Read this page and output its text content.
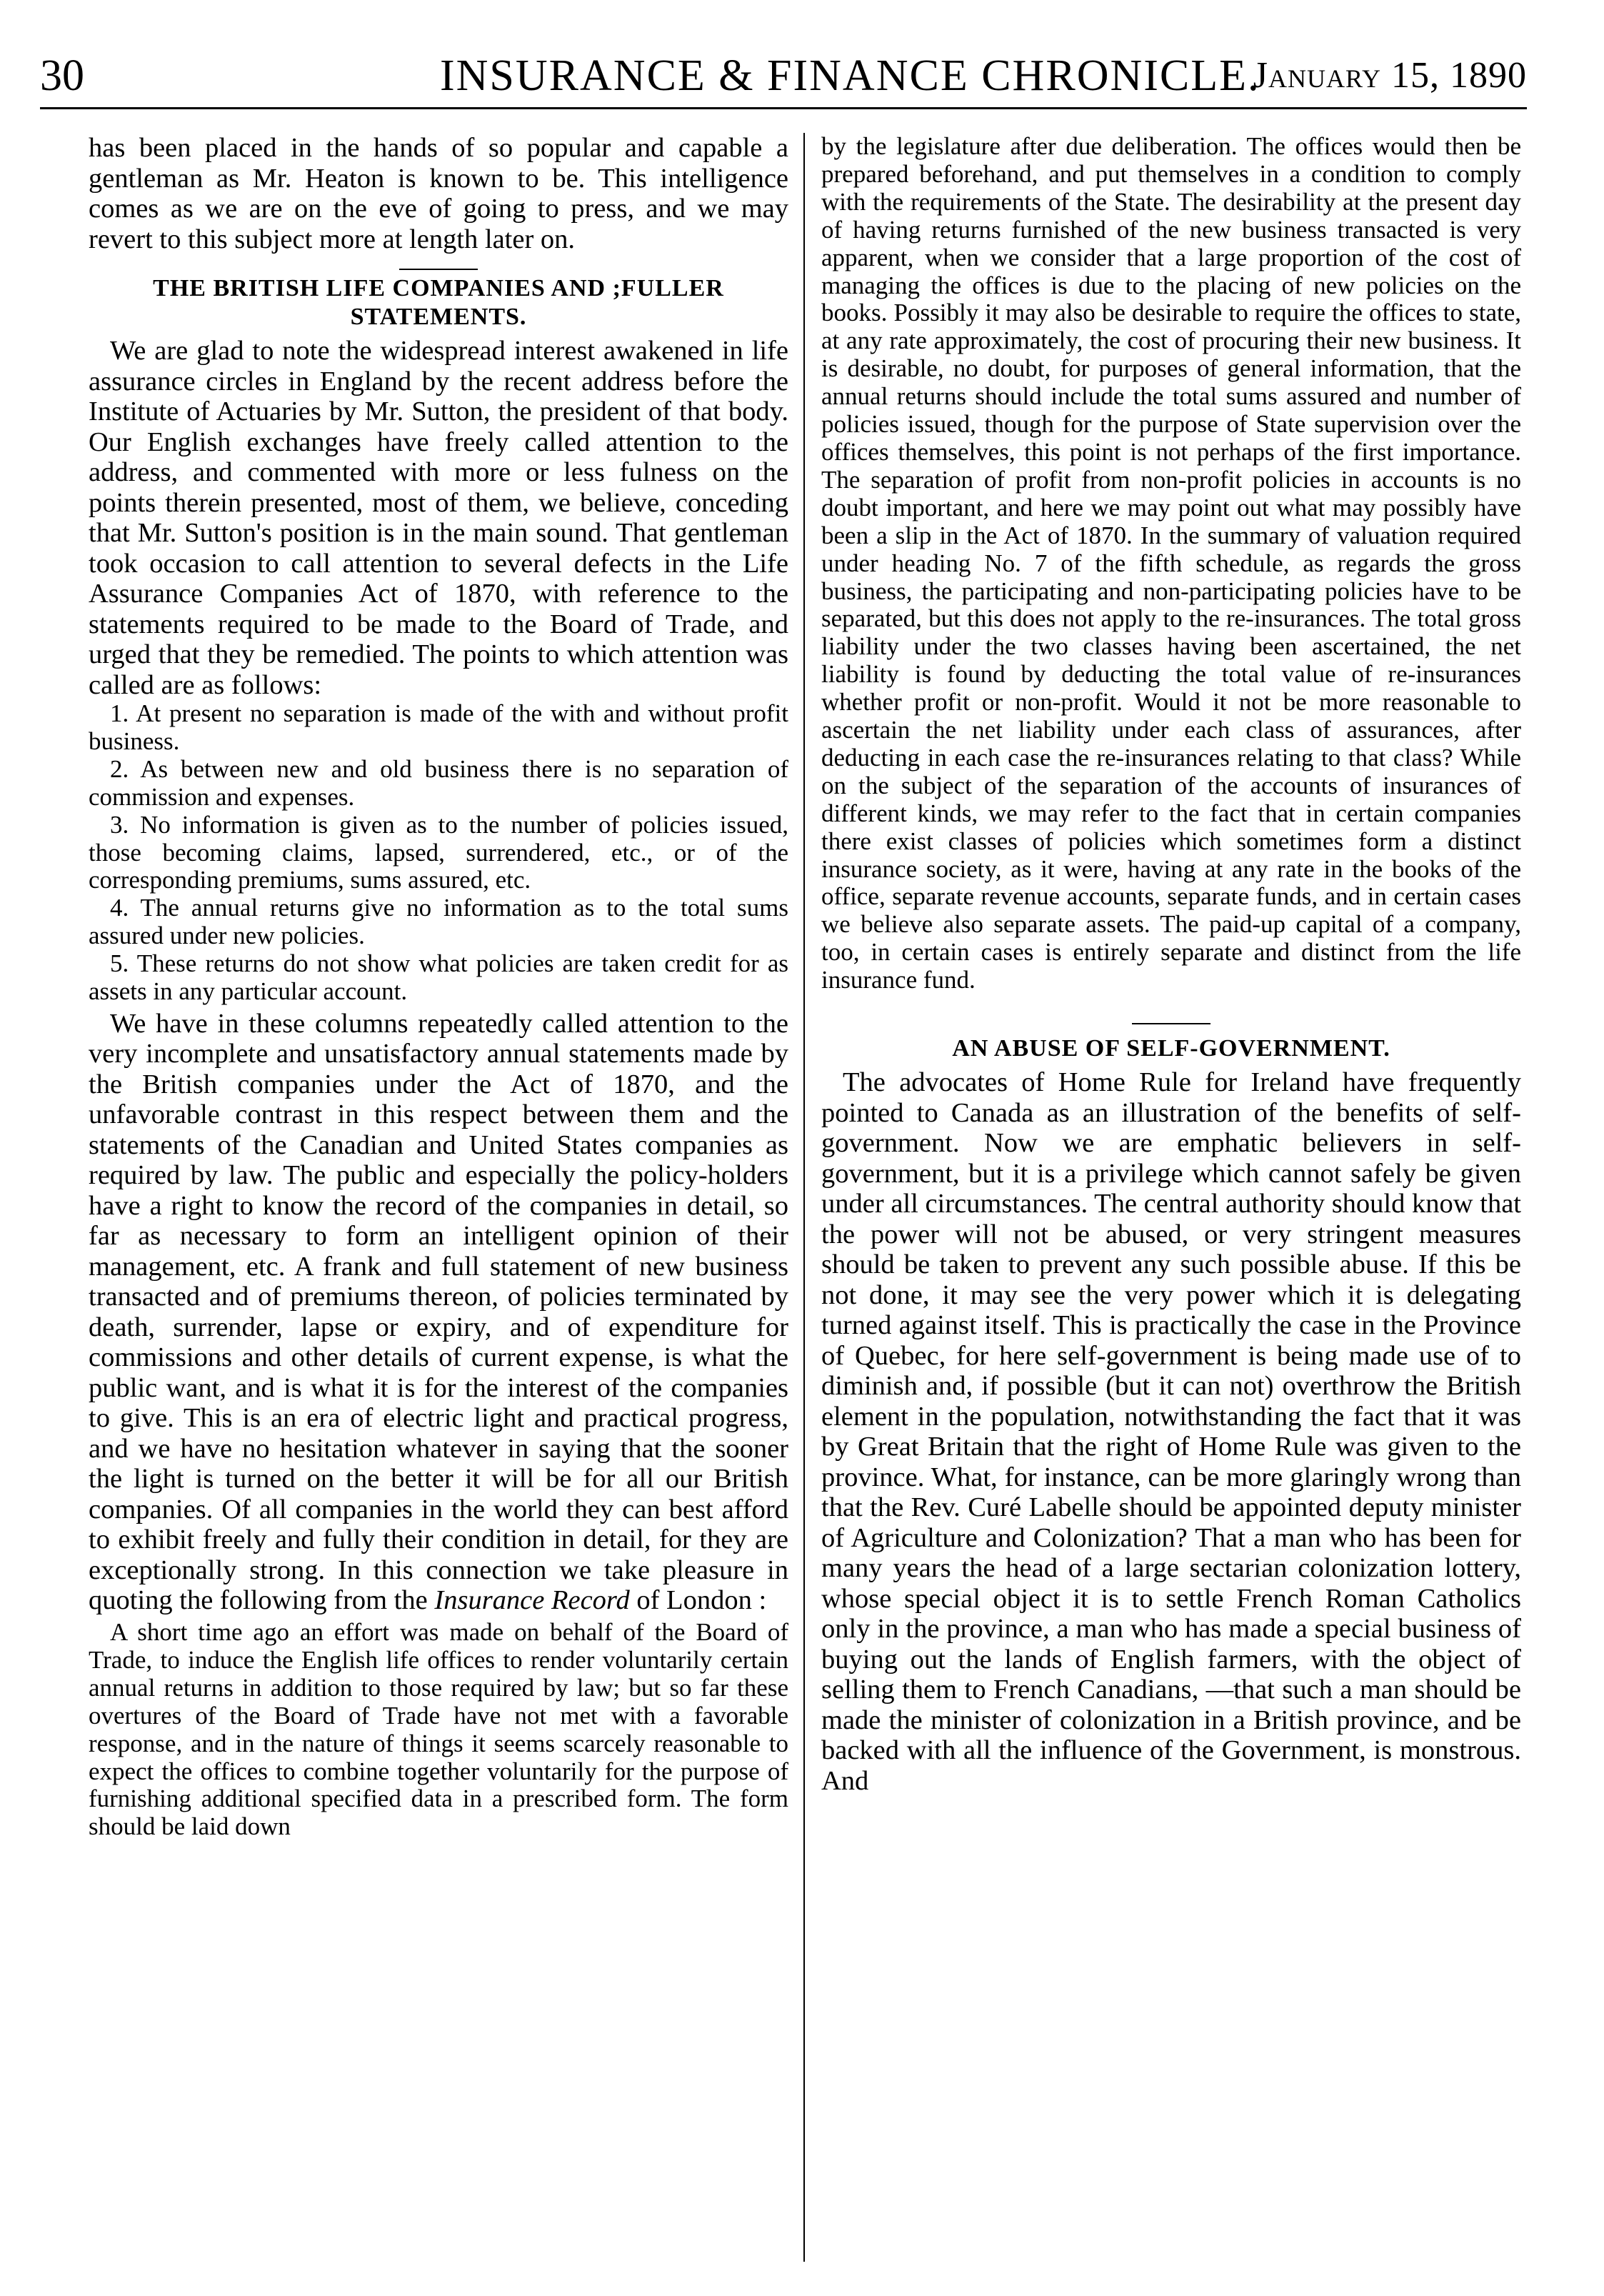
30	INSURANCE & FINANCE CHRONICLE.
January 15, 1890

has been placed in the hands of so popular and capable a gentleman as Mr. Heaton is known to be. This intelligence comes as we are on the eve of going to press, and we may revert to this subject more at length later on.

THE BRITISH LIFE COMPANIES AND ;FULLER STATEMENTS.

We are glad to note the widespread interest awakened in life assurance circles in England by the recent address before the Institute of Actuaries by Mr. Sutton, the president of that body. Our English exchanges have freely called attention to the address, and commented with more or less fulness on the points therein presented, most of them, we believe, conceding that Mr. Sutton's position is in the main sound. That gentleman took occasion to call attention to several defects in the Life Assurance Companies Act of 1870, with reference to the statements required to be made to the Board of Trade, and urged that they be remedied. The points to which attention was called are as follows:

1. At present no separation is made of the with and without profit business.

2. As between new and old business there is no separation of commission and expenses.

3. No information is given as to the number of policies issued, those becoming claims, lapsed, surrendered, etc., or of the corresponding premiums, sums assured, etc.

4. The annual returns give no information as to the total sums assured under new policies.

5. These returns do not show what policies are taken credit for as assets in any particular account.

We have in these columns repeatedly called attention to the very incomplete and unsatisfactory annual statements made by the British companies under the Act of 1870, and the unfavorable contrast in this respect between them and the statements of the Canadian and United States companies as required by law. The public and especially the policy-holders have a right to know the record of the companies in detail, so far as necessary to form an intelligent opinion of their management, etc. A frank and full statement of new business transacted and of premiums thereon, of policies terminated by death, surrender, lapse or expiry, and of expenditure for commissions and other details of current expense, is what the public want, and is what it is for the interest of the companies to give. This is an era of electric light and practical progress, and we have no hesitation whatever in saying that the sooner the light is turned on the better it will be for all our British companies. Of all companies in the world they can best afford to exhibit freely and fully their condition in detail, for they are exceptionally strong. In this connection we take pleasure in quoting the following from the Insurance Record of London :

A short time ago an effort was made on behalf of the Board of Trade, to induce the English life offices to render voluntarily certain annual returns in addition to those required by law; but so far these overtures of the Board of Trade have not met with a favorable response, and in the nature of things it seems scarcely reasonable to expect the offices to combine together voluntarily for the purpose of furnishing additional specified data in a prescribed form. The form should be laid down

by the legislature after due deliberation. The offices would then be prepared beforehand, and put themselves in a condition to comply with the requirements of the State. The desirability at the present day of having returns furnished of the new business transacted is very apparent, when we consider that a large proportion of the cost of managing the offices is due to the placing of new policies on the books. Possibly it may also be desirable to require the offices to state, at any rate approximately, the cost of procuring their new business. It is desirable, no doubt, for purposes of general information, that the annual returns should include the total sums assured and number of policies issued, though for the purpose of State supervision over the offices themselves, this point is not perhaps of the first importance. The separation of profit from non-profit policies in accounts is no doubt important, and here we may point out what may possibly have been a slip in the Act of 1870. In the summary of valuation required under heading No. 7 of the fifth schedule, as regards the gross business, the participating and non-participating policies have to be separated, but this does not apply to the re-insurances. The total gross liability under the two classes having been ascertained, the net liability is found by deducting the total value of re-insurances whether profit or non-profit. Would it not be more reasonable to ascertain the net liability under each class of assurances, after deducting in each case the re-insurances relating to that class? While on the subject of the separation of the accounts of insurances of different kinds, we may refer to the fact that in certain companies there exist classes of policies which sometimes form a distinct insurance society, as it were, having at any rate in the books of the office, separate revenue accounts, separate funds, and in certain cases we believe also separate assets. The paid-up capital of a company, too, in certain cases is entirely separate and distinct from the life insurance fund.

AN ABUSE OF SELF-GOVERNMENT.

The advocates of Home Rule for Ireland have frequently pointed to Canada as an illustration of the benefits of self-government. Now we are emphatic believers in self-government, but it is a privilege which cannot safely be given under all circumstances. The central authority should know that the power will not be abused, or very stringent measures should be taken to prevent any such possible abuse. If this be not done, it may see the very power which it is delegating turned against itself. This is practically the case in the Province of Quebec, for here self-government is being made use of to diminish and, if possible (but it can not) overthrow the British element in the population, notwithstanding the fact that it was by Great Britain that the right of Home Rule was given to the province. What, for instance, can be more glaringly wrong than that the Rev. Curé Labelle should be appointed deputy minister of Agriculture and Colonization? That a man who has been for many years the head of a large sectarian colonization lottery, whose special object it is to settle French Roman Catholics only in the province, a man who has made a special business of buying out the lands of English farmers, with the object of selling them to French Canadians, —that such a man should be made the minister of colonization in a British province, and be backed with all the influence of the Government, is monstrous. And
